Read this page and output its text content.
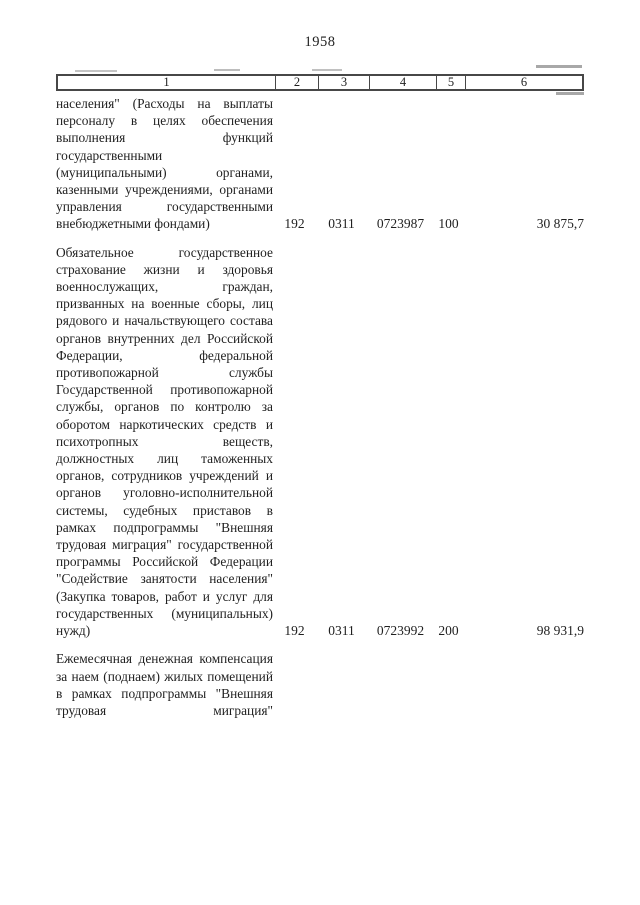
1958
1	2	3	4	5	6
населения" (Расходы на выплаты персоналу в целях обеспечения выполнения функций государственными (муниципальными) органами, казенными учреждениями, органами управления государственными внебюджетными фондами)	192	0311	0723987	100	30 875,7
Обязательное государственное страхование жизни и здоровья военнослужащих, граждан, призванных на военные сборы, лиц рядового и начальствующего состава органов внутренних дел Российской Федерации, федеральной противопожарной службы Государственной противопожарной службы, органов по контролю за оборотом наркотических средств и психотропных веществ, должностных лиц таможенных органов, сотрудников учреждений и органов уголовно-исполнительной системы, судебных приставов в рамках подпрограммы "Внешняя трудовая миграция" государственной программы Российской Федерации "Содействие занятости населения" (Закупка товаров, работ и услуг для государственных (муниципальных) нужд)	192	0311	0723992	200	98 931,9
Ежемесячная денежная компенсация за наем (поднаем) жилых помещений в рамках подпрограммы "Внешняя трудовая миграция"
